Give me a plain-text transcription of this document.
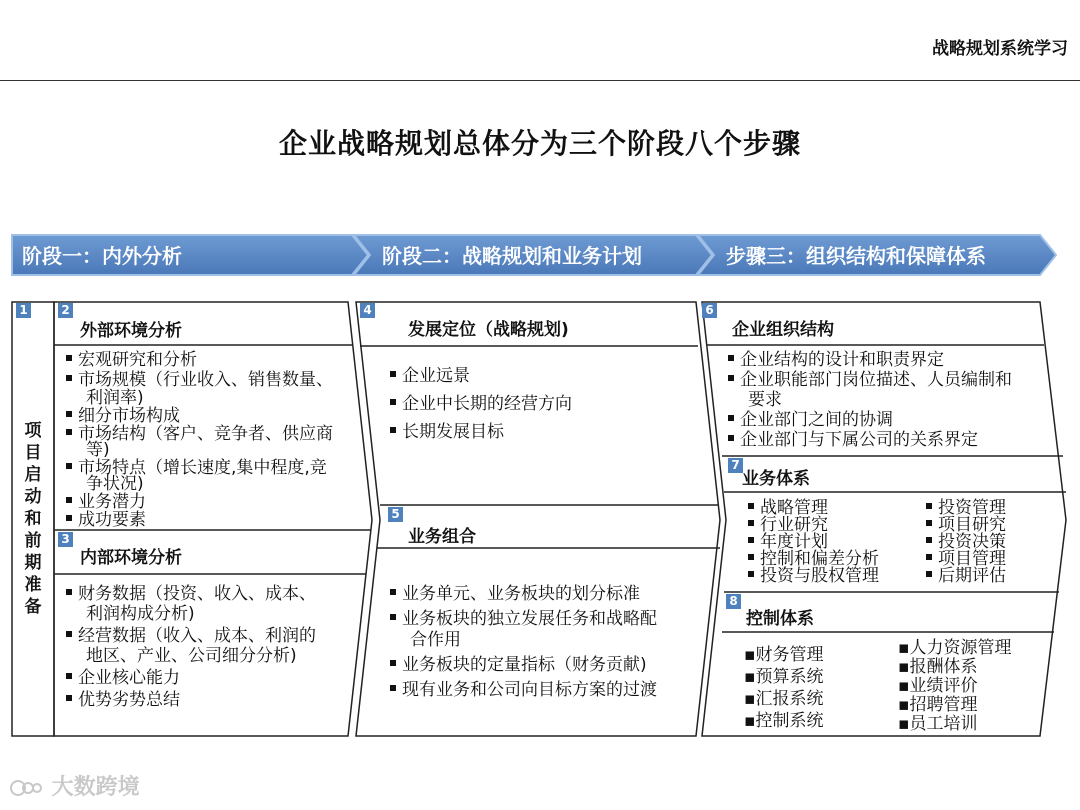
战略规划系统学习
企业战略规划总体分为三个阶段八个步骤
阶段一：内外分析	阶段二：战略规划和业务计划	步骤三：组织结构和保障体系
1	2
3
4
5
6
7
8
项
目
启
动
和
前
期
准
备
外部环境分析
宏观研究和分析
市场规模（行业收入、销售数量、
利润率)
细分市场构成
市场结构（客户、竞争者、供应商
等)
市场特点（增长速度,集中程度,竞
争状况)
业务潜力
成功要素
内部环境分析
财务数据（投资、收入、成本、
利润构成分析)
经营数据（收入、成本、利润的
地区、产业、公司细分分析)
企业核心能力
优势劣势总结
发展定位（战略规划)
企业远景
企业中长期的经营方向
长期发展目标
业务组合
业务单元、业务板块的划分标准
业务板块的独立发展任务和战略配
合作用
业务板块的定量指标（财务贡献)
现有业务和公司向目标方案的过渡
企业组织结构
企业结构的设计和职责界定
企业职能部门岗位描述、人员编制和
要求
企业部门之间的协调
企业部门与下属公司的关系界定
业务体系
战略管理
行业研究
年度计划
控制和偏差分析
投资与股权管理
投资管理
项目研究
投资决策
项目管理
后期评估
控制体系
▪财务管理
▪预算系统
▪汇报系统
▪控制系统
▪人力资源管理
▪报酬体系
▪业绩评价
▪招聘管理
▪员工培训
大数跨境
